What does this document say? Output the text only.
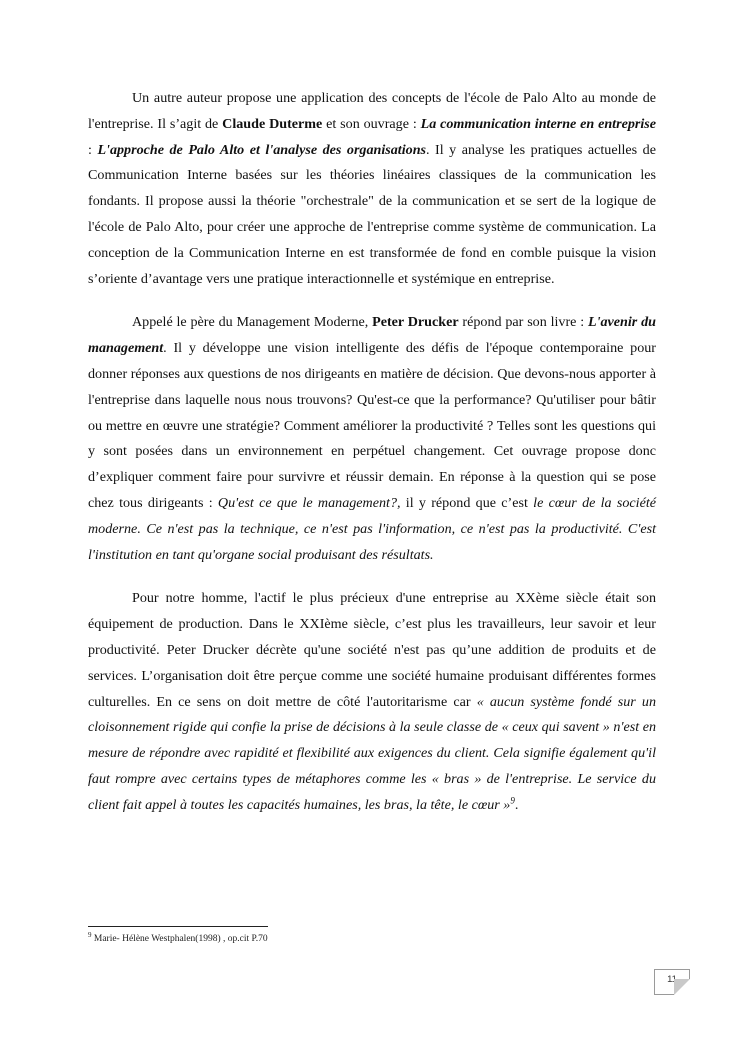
Un autre auteur propose une application des concepts de l'école de Palo Alto au monde de l'entreprise. Il s’agit de Claude Duterme et son ouvrage : La communication interne en entreprise : L'approche de Palo Alto et l'analyse des organisations. Il y analyse les pratiques actuelles de Communication Interne basées sur les théories linéaires classiques de la communication les fondants. Il propose aussi la théorie "orchestrale" de la communication et se sert de la logique de l'école de Palo Alto, pour créer une approche de l'entreprise comme système de communication. La conception de la Communication Interne en est transformée de fond en comble puisque la vision s’oriente d’avantage vers une pratique interactionnelle et systémique en entreprise.

Appelé le père du Management Moderne, Peter Drucker répond par son livre : L'avenir du management. Il y développe une vision intelligente des défis de l'époque contemporaine pour donner réponses aux questions de nos dirigeants en matière de décision. Que devons-nous apporter à l'entreprise dans laquelle nous nous trouvons? Qu'est-ce que la performance? Qu'utiliser pour bâtir ou mettre en œuvre une stratégie? Comment améliorer la productivité ? Telles sont les questions qui y sont posées dans un environnement en perpétuel changement. Cet ouvrage propose donc d’expliquer comment faire pour survivre et réussir demain. En réponse à la question qui se pose chez tous dirigeants : Qu'est ce que le management?, il y répond que c’est le cœur de la société moderne. Ce n'est pas la technique, ce n'est pas l'information, ce n'est pas la productivité. C'est l'institution en tant qu'organe social produisant des résultats.

Pour notre homme, l'actif le plus précieux d'une entreprise au XXème siècle était son équipement de production. Dans le XXIème siècle, c’est plus les travailleurs, leur savoir et leur productivité. Peter Drucker décrète qu'une société n'est pas qu’une addition de produits et de services. L’organisation doit être perçue comme une société humaine produisant différentes formes culturelles. En ce sens on doit mettre de côté l'autoritarisme car « aucun système fondé sur un cloisonnement rigide qui confie la prise de décisions à la seule classe de « ceux qui savent » n'est en mesure de répondre avec rapidité et flexibilité aux exigences du client. Cela signifie également qu'il faut rompre avec certains types de métaphores comme les « bras » de l'entreprise. Le service du client fait appel à toutes les capacités humaines, les bras, la tête, le cœur »$^9$.

$^9$ Marie- Hélène Westphalen(1998) , op.cit P.70
11
